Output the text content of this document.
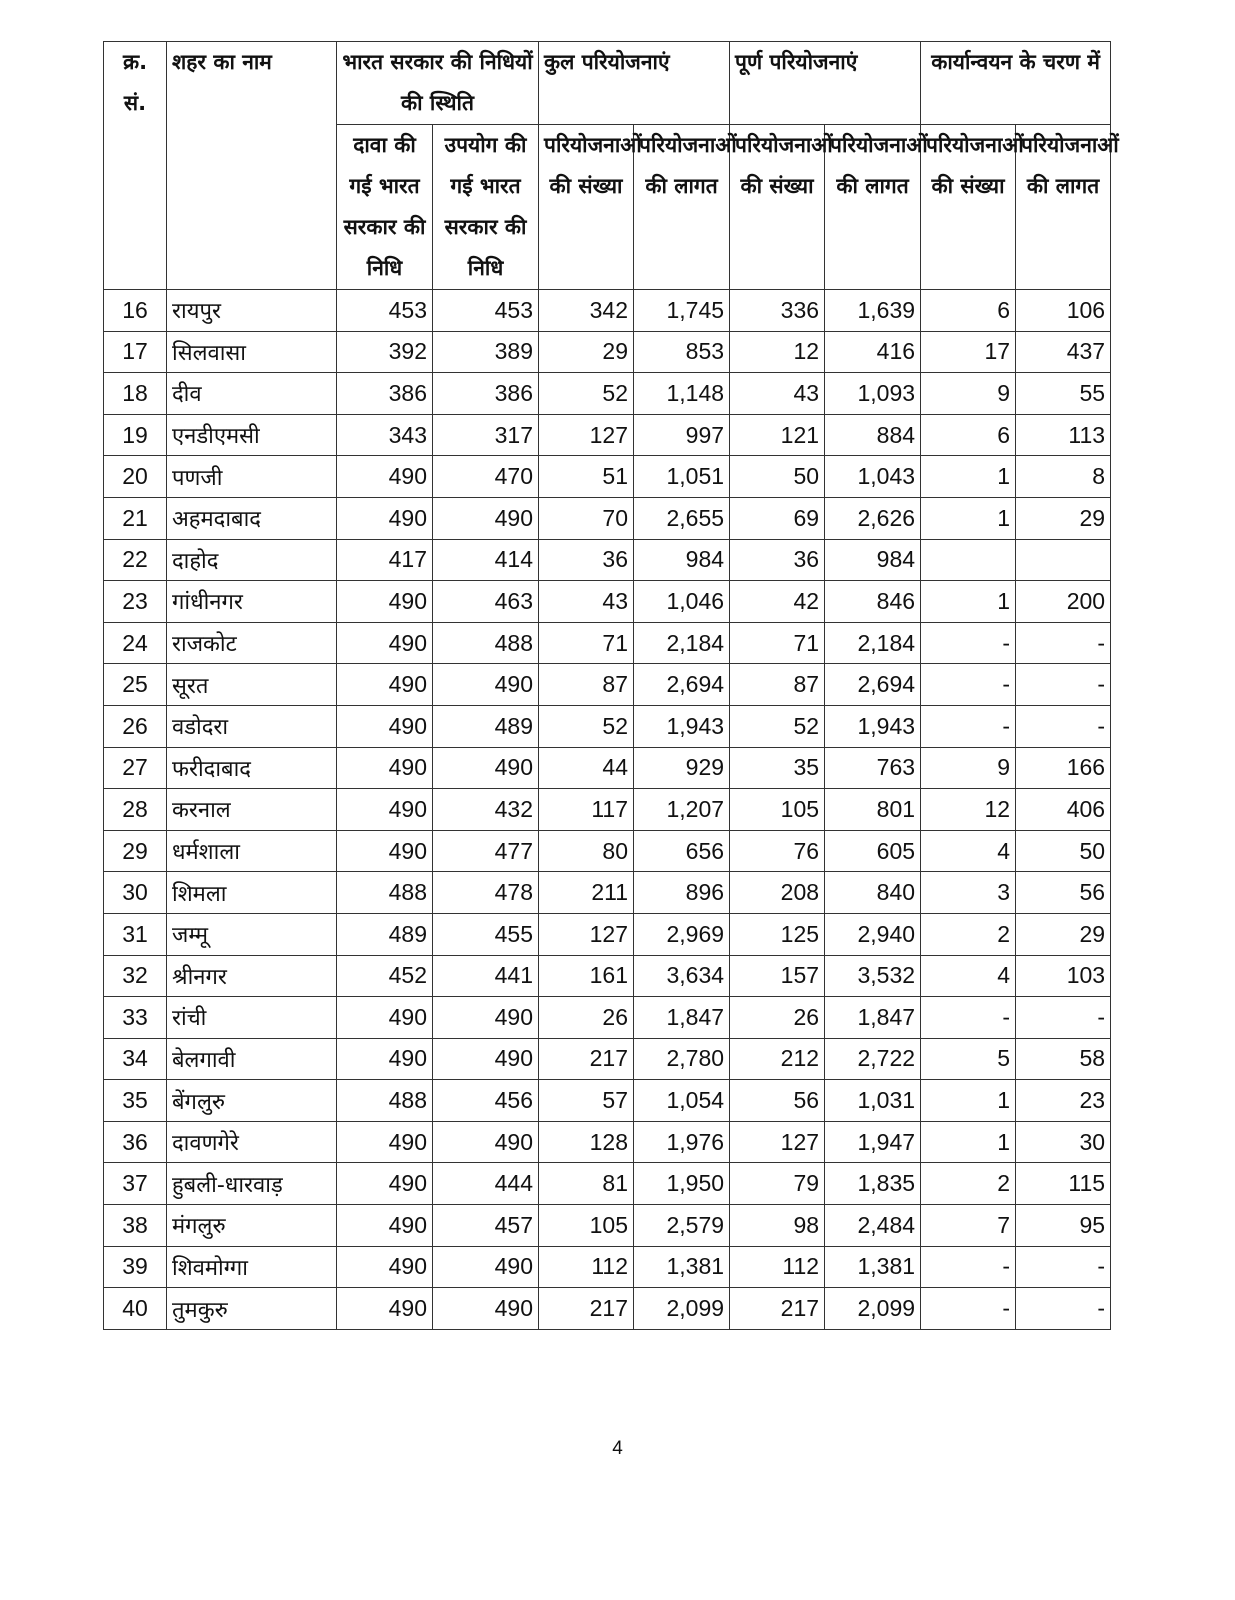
क्र. सं.	शहर का नाम	भारत सरकार की निधियों की स्थिति		कुल परियोजनाएं		पूर्ण परियोजनाएं		कार्यान्वयन के चरण में	
		दावा की गई भारत सरकार की निधि	उपयोग की गई भारत सरकार की निधि	परियोजनाओं की संख्या	परियोजनाओं की लागत	परियोजनाओं की संख्या	परियोजनाओं की लागत	परियोजनाओं की संख्या	परियोजनाओं की लागत
16	रायपुर	453	453	342	1,745	336	1,639	6	106
17	सिलवासा	392	389	29	853	12	416	17	437
18	दीव	386	386	52	1,148	43	1,093	9	55
19	एनडीएमसी	343	317	127	997	121	884	6	113
20	पणजी	490	470	51	1,051	50	1,043	1	8
21	अहमदाबाद	490	490	70	2,655	69	2,626	1	29
22	दाहोद	417	414	36	984	36	984		
23	गांधीनगर	490	463	43	1,046	42	846	1	200
24	राजकोट	490	488	71	2,184	71	2,184	-	-
25	सूरत	490	490	87	2,694	87	2,694	-	-
26	वडोदरा	490	489	52	1,943	52	1,943	-	-
27	फरीदाबाद	490	490	44	929	35	763	9	166
28	करनाल	490	432	117	1,207	105	801	12	406
29	धर्मशाला	490	477	80	656	76	605	4	50
30	शिमला	488	478	211	896	208	840	3	56
31	जम्मू	489	455	127	2,969	125	2,940	2	29
32	श्रीनगर	452	441	161	3,634	157	3,532	4	103
33	रांची	490	490	26	1,847	26	1,847	-	-
34	बेलगावी	490	490	217	2,780	212	2,722	5	58
35	बेंगलुरु	488	456	57	1,054	56	1,031	1	23
36	दावणगेरे	490	490	128	1,976	127	1,947	1	30
37	हुबली-धारवाड़	490	444	81	1,950	79	1,835	2	115
38	मंगलुरु	490	457	105	2,579	98	2,484	7	95
39	शिवमोग्गा	490	490	112	1,381	112	1,381	-	-
40	तुमकुरु	490	490	217	2,099	217	2,099	-	-
4
